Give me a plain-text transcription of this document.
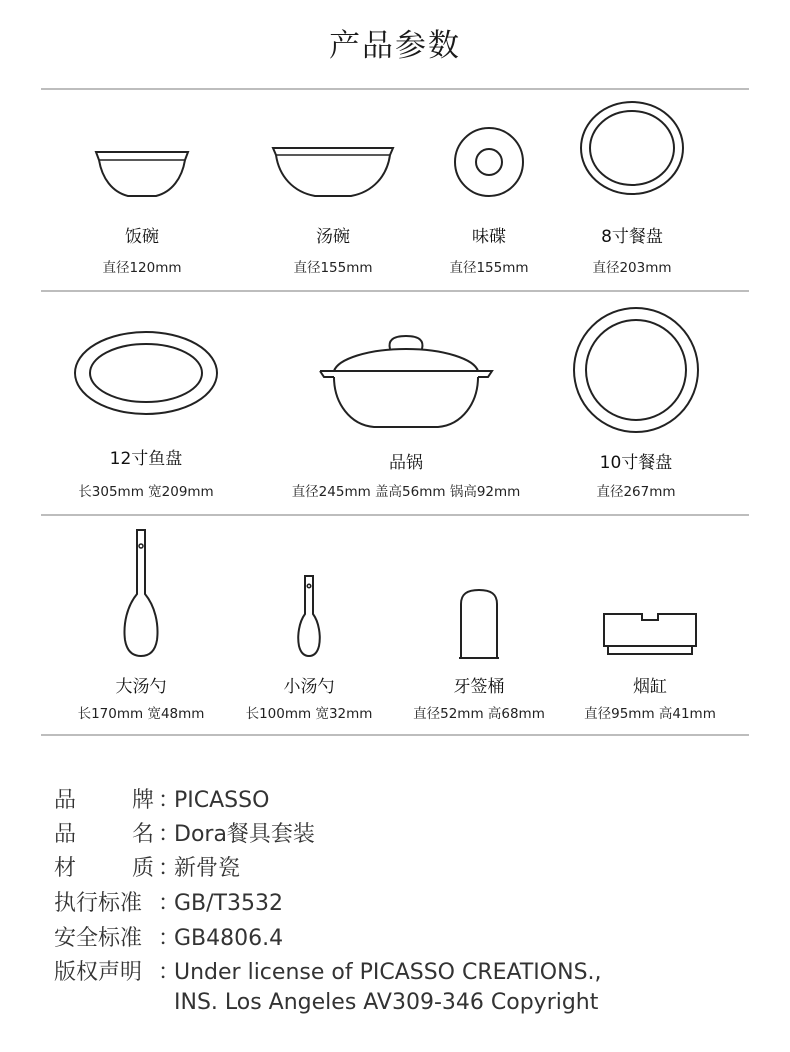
产品参数
饭碗
直径120mm
汤碗
直径155mm
味碟
直径155mm
8寸餐盘
直径203mm
12寸鱼盘
长305mm 宽209mm
品锅
直径245mm 盖高56mm 锅高92mm
10寸餐盘
直径267mm
大汤勺
长170mm 宽48mm
小汤勺
长100mm 宽32mm
牙签桶
直径52mm 高68mm
烟缸
直径95mm 高41mm
品	牌 ：
PICASSO
品	名 ：
Dora餐具套装
材	质 ：
新骨瓷
执行标准 ：
GB/T3532
安全标准 ：
GB4806.4
版权声明 ：
Under license of PICASSO CREATIONS.,
INS. Los Angeles AV309-346 Copyright
